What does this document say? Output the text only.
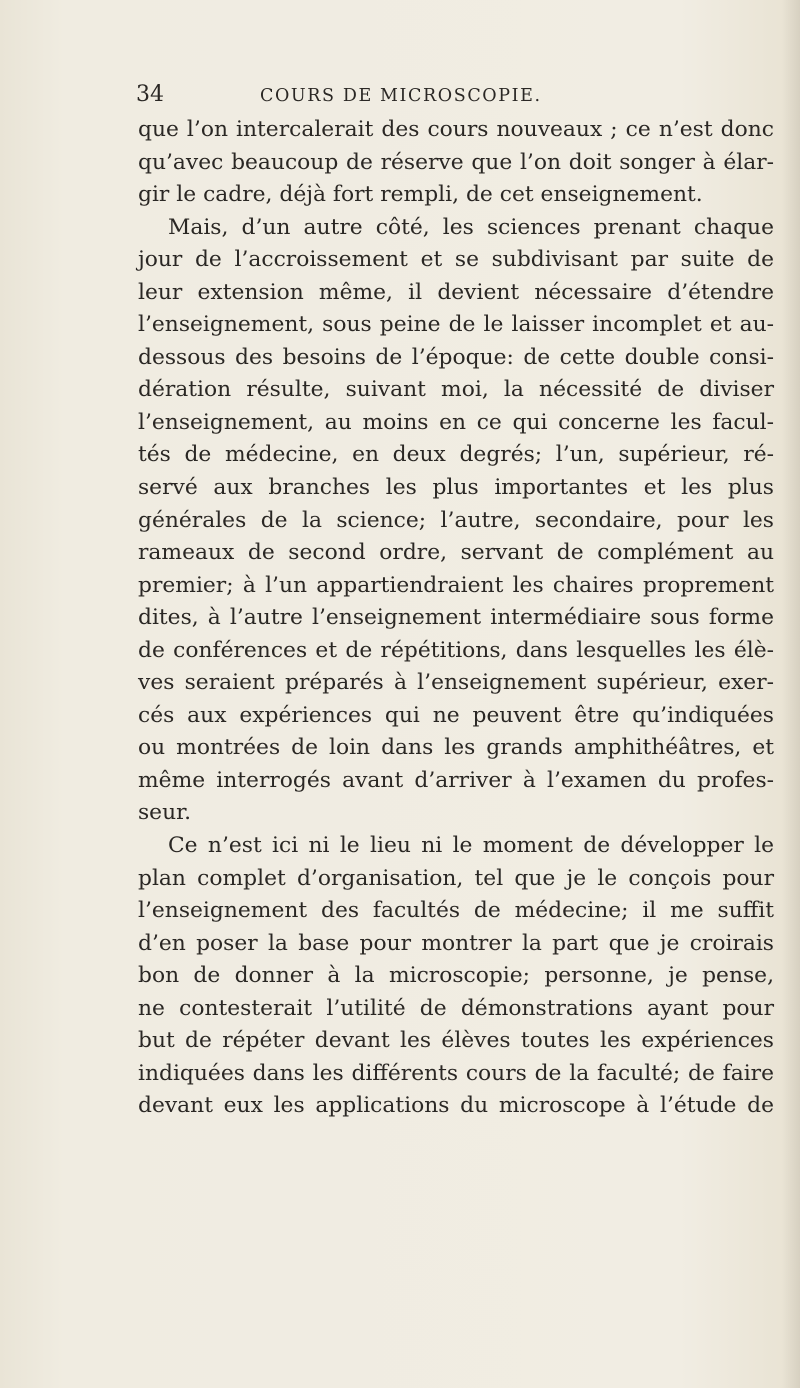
34	COURS DE MICROSCOPIE.
que l’on intercalerait des cours nouveaux ; ce n’est donc
qu’avec beaucoup de réserve que l’on doit songer à élar-
gir le cadre, déjà fort rempli, de cet enseignement.
Mais, d’un autre côté, les sciences prenant chaque
jour de l’accroissement et se subdivisant par suite de
leur extension même, il devient nécessaire d’étendre
l’enseignement, sous peine de le laisser incomplet et au-
dessous des besoins de l’époque: de cette double consi-
dération résulte, suivant moi, la nécessité de diviser
l’enseignement, au moins en ce qui concerne les facul-
tés de médecine, en deux degrés; l’un, supérieur, ré-
servé aux branches les plus importantes et les plus
générales de la science; l’autre, secondaire, pour les
rameaux de second ordre, servant de complément au
premier; à l’un appartiendraient les chaires proprement
dites, à l’autre l’enseignement intermédiaire sous forme
de conférences et de répétitions, dans lesquelles les élè-
ves seraient préparés à l’enseignement supérieur, exer-
cés aux expériences qui ne peuvent être qu’indiquées
ou montrées de loin dans les grands amphithéâtres, et
même interrogés avant d’arriver à l’examen du profes-
seur.
Ce n’est ici ni le lieu ni le moment de développer le
plan complet d’organisation, tel que je le conçois pour
l’enseignement des facultés de médecine; il me suffit
d’en poser la base pour montrer la part que je croirais
bon de donner à la microscopie; personne, je pense,
ne contesterait l’utilité de démonstrations ayant pour
but de répéter devant les élèves toutes les expériences
indiquées dans les différents cours de la faculté; de faire
devant eux les applications du microscope à l’étude de
